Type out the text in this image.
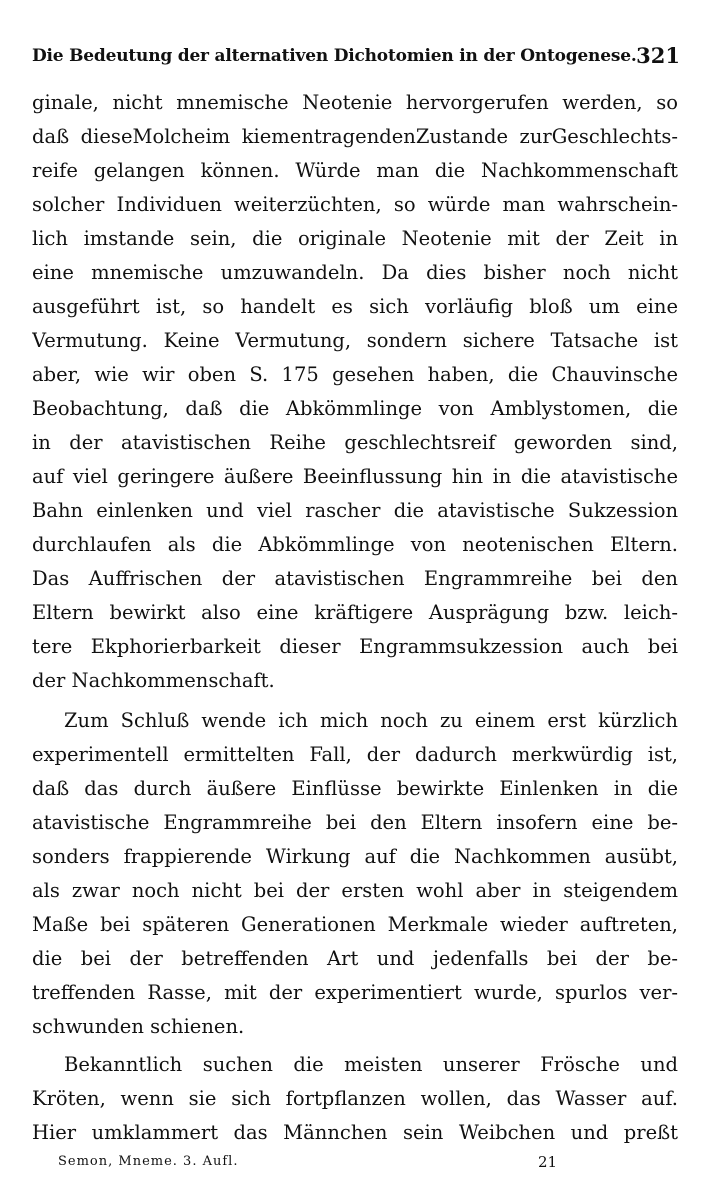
Die Bedeutung der alternativen Dichotomien in der Ontogenese. 321
ginale, nicht mnemische Neotenie hervorgerufen werden, so
daß dieseMolcheim kiementragendenZustande zurGeschlechts-
reife gelangen können. Würde man die Nachkommenschaft
solcher Individuen weiterzüchten, so würde man wahrschein-
lich imstande sein, die originale Neotenie mit der Zeit in
eine mnemische umzuwandeln. Da dies bisher noch nicht
ausgeführt ist, so handelt es sich vorläufig bloß um eine
Vermutung. Keine Vermutung, sondern sichere Tatsache ist
aber, wie wir oben S. 175 gesehen haben, die Chauvinsche
Beobachtung, daß die Abkömmlinge von Amblystomen, die
in der atavistischen Reihe geschlechtsreif geworden sind,
auf viel geringere äußere Beeinflussung hin in die atavistische
Bahn einlenken und viel rascher die atavistische Sukzession
durchlaufen als die Abkömmlinge von neotenischen Eltern.
Das Auffrischen der atavistischen Engrammreihe bei den
Eltern bewirkt also eine kräftigere Ausprägung bzw. leich-
tere Ekphorierbarkeit dieser Engrammsukzession auch bei
der Nachkommenschaft.
Zum Schluß wende ich mich noch zu einem erst kürzlich
experimentell ermittelten Fall, der dadurch merkwürdig ist,
daß das durch äußere Einflüsse bewirkte Einlenken in die
atavistische Engrammreihe bei den Eltern insofern eine be-
sonders frappierende Wirkung auf die Nachkommen ausübt,
als zwar noch nicht bei der ersten wohl aber in steigendem
Maße bei späteren Generationen Merkmale wieder auftreten,
die bei der betreffenden Art und jedenfalls bei der be-
treffenden Rasse, mit der experimentiert wurde, spurlos ver-
schwunden schienen.
Bekanntlich suchen die meisten unserer Frösche und
Kröten, wenn sie sich fortpflanzen wollen, das Wasser auf.
Hier umklammert das Männchen sein Weibchen und preßt
Semon, Mneme. 3. Aufl.	21
